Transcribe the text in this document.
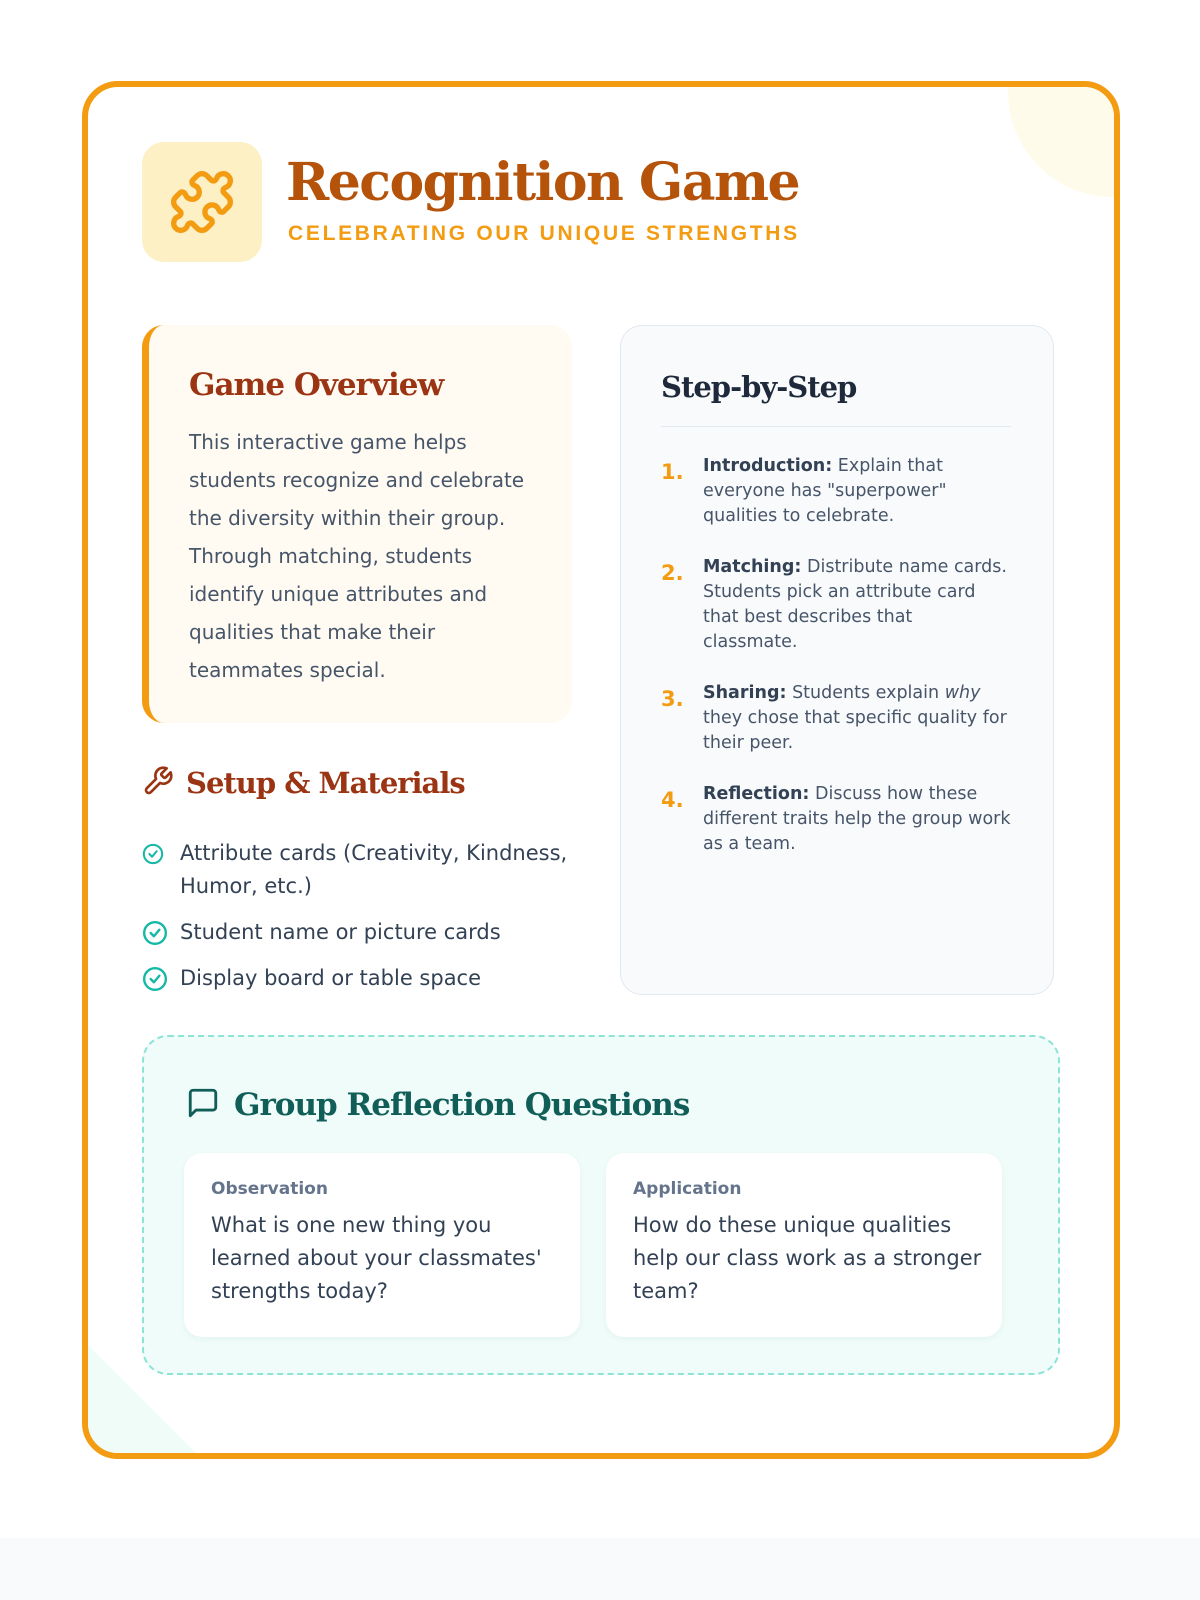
Recognition Game
CELEBRATING OUR UNIQUE STRENGTHS
Game Overview

This interactive game helps students recognize and celebrate the diversity within their group. Through matching, students identify unique attributes and qualities that make their teammates special.

Setup & Materials
Attribute cards (Creativity, Kindness, Humor, etc.)
Student name or picture cards
Display board or table space
Step-by-Step
1. Introduction: Explain that everyone has "superpower" qualities to celebrate.
2. Matching: Distribute name cards. Students pick an attribute card that best describes that classmate.
3. Sharing: Students explain why they chose that specific quality for their peer.
4. Reflection: Discuss how these different traits help the group work as a team.
Group Reflection Questions
Observation
What is one new thing you learned about your classmates' strengths today?
Application
How do these unique qualities help our class work as a stronger team?
